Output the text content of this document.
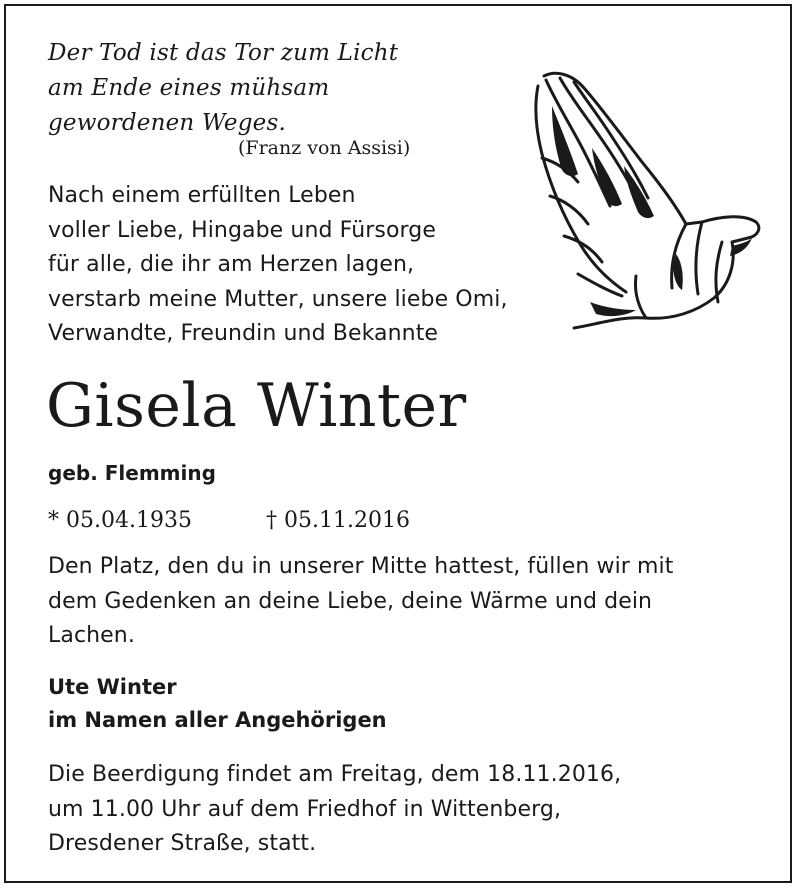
Der Tod ist das Tor zum Licht
am Ende eines mühsam
gewordenen Weges.
(Franz von Assisi)
Nach einem erfüllten Leben
voller Liebe, Hingabe und Fürsorge
für alle, die ihr am Herzen lagen,
verstarb meine Mutter, unsere liebe Omi,
Verwandte, Freundin und Bekannte
Gisela Winter
geb. Flemming
* 05.04.1935	† 05.11.2016
Den Platz, den du in unserer Mitte hattest, füllen wir mit
dem Gedenken an deine Liebe, deine Wärme und dein
Lachen.
Ute Winter
im Namen aller Angehörigen
Die Beerdigung findet am Freitag, dem 18.11.2016,
um 11.00 Uhr auf dem Friedhof in Wittenberg,
Dresdener Straße, statt.
